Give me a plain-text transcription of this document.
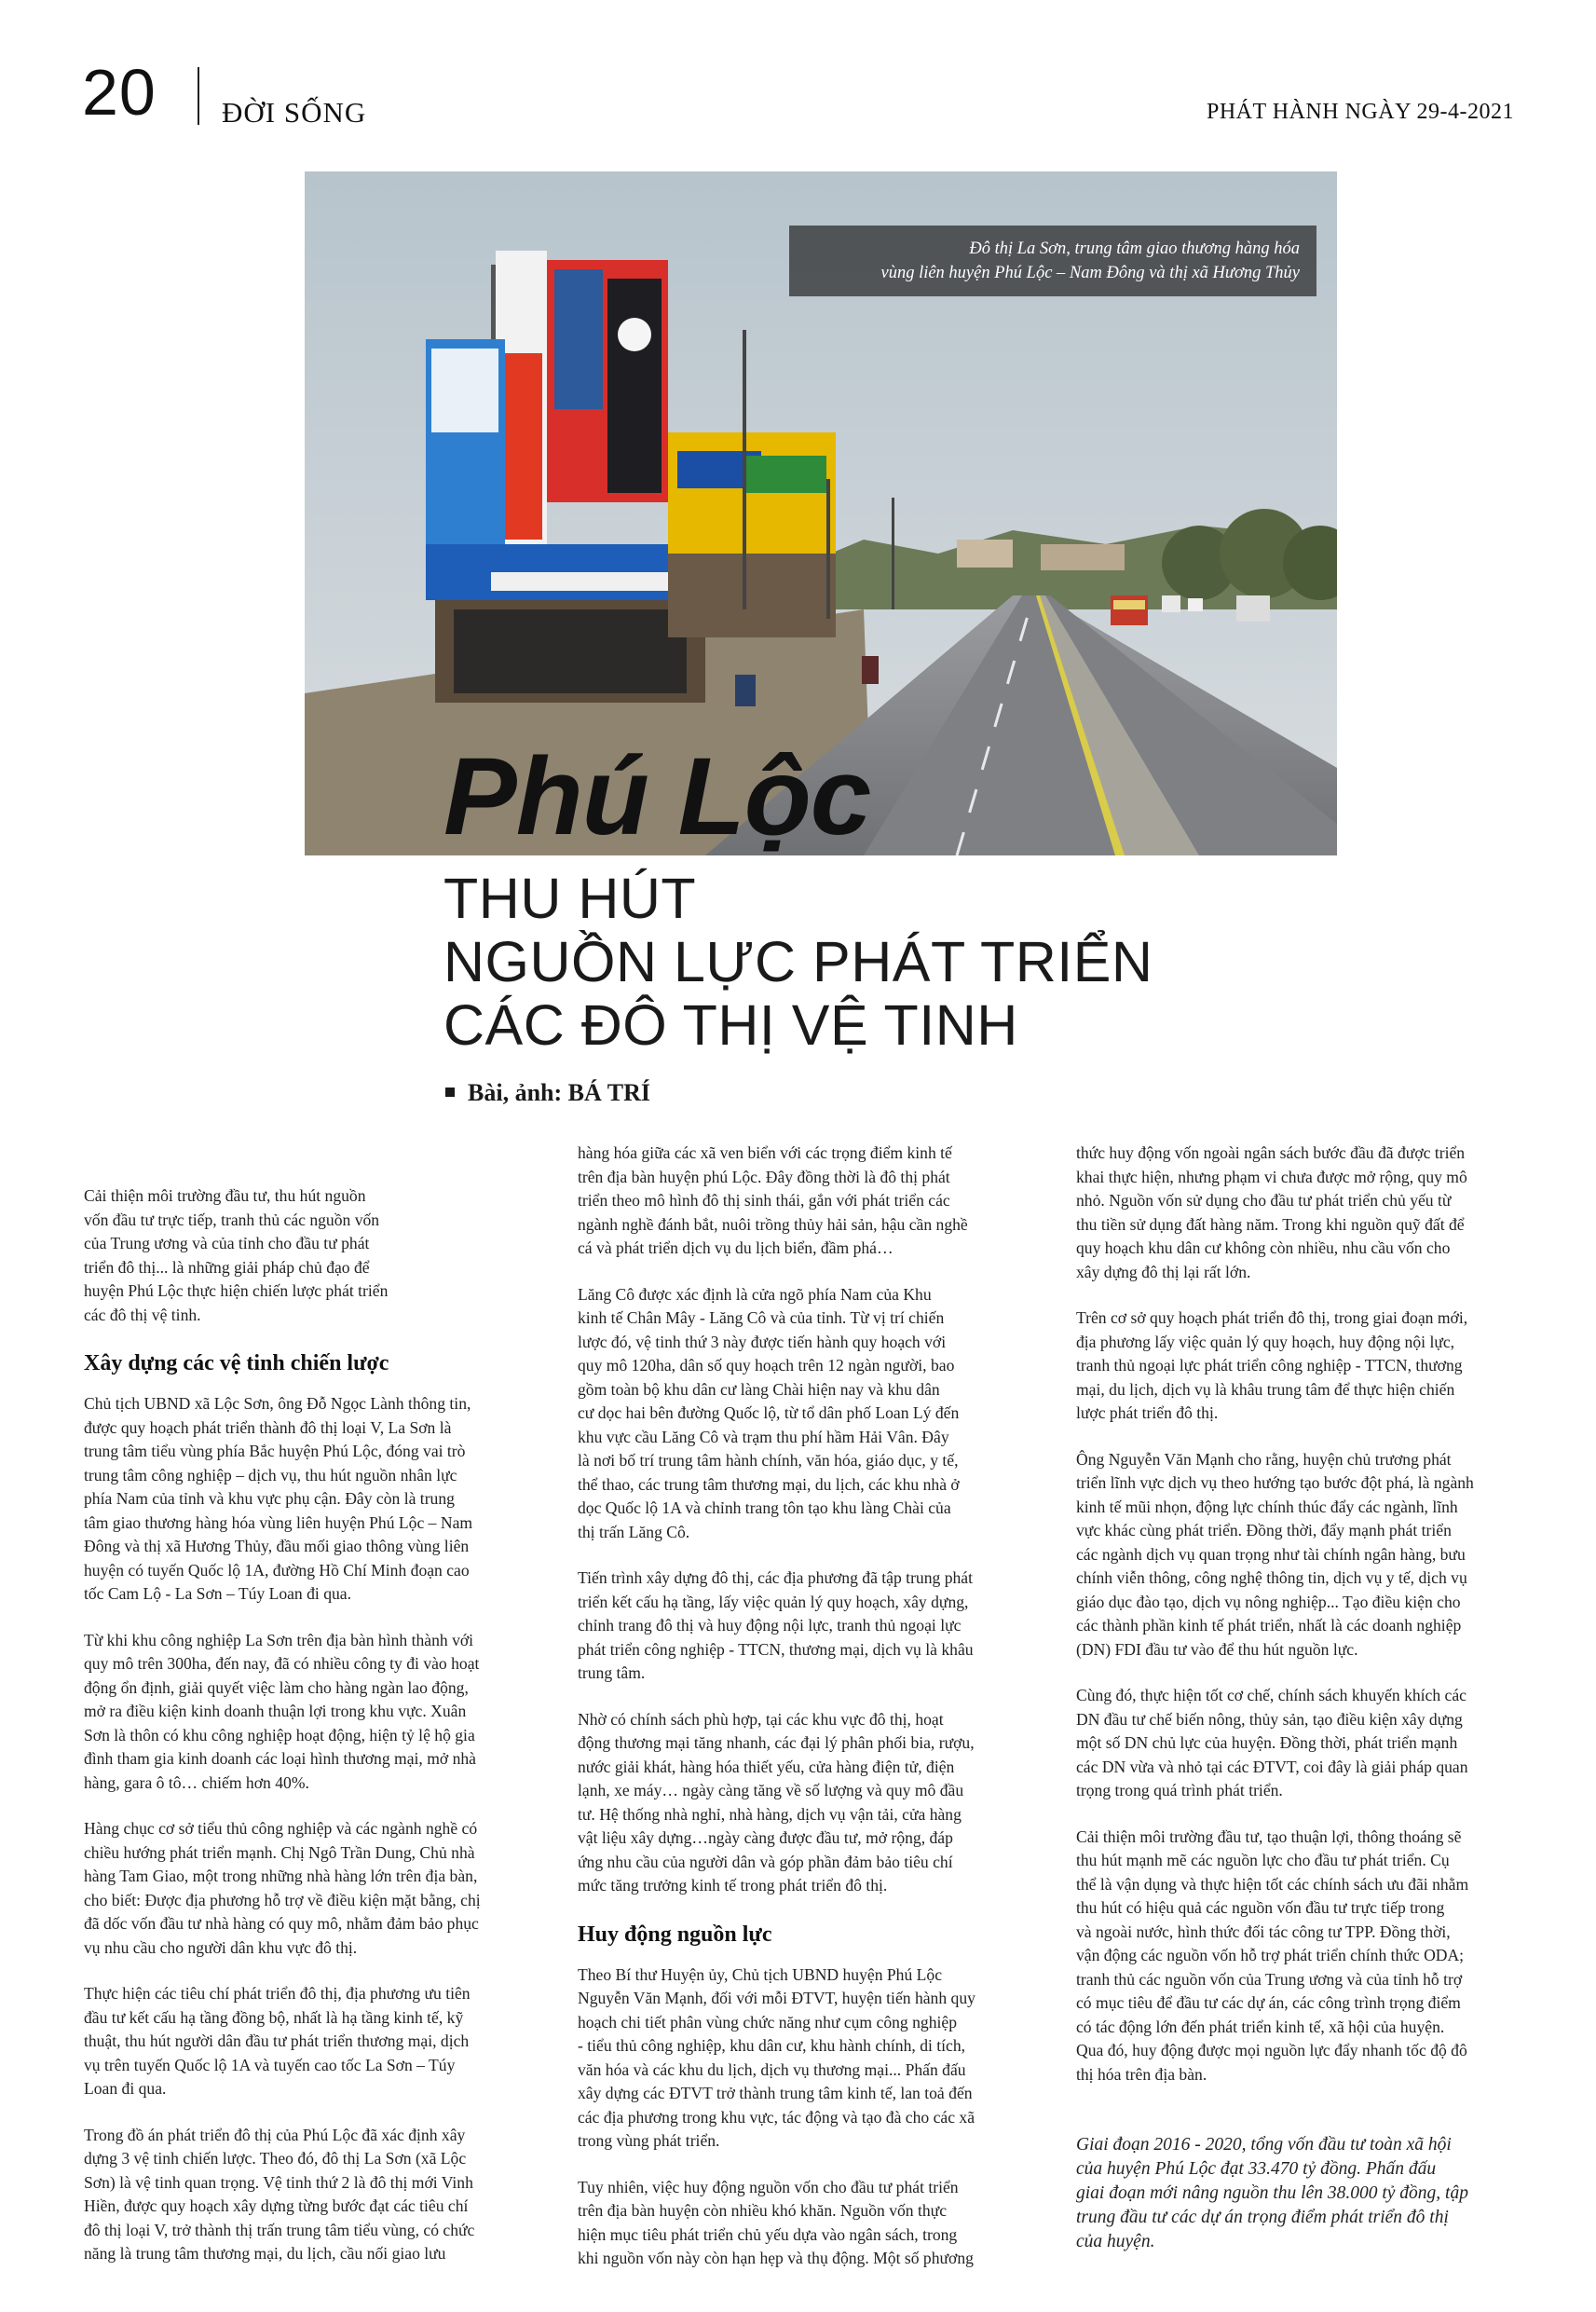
20 ĐỜI SỐNG	PHÁT HÀNH NGÀY 29-4-2021
Đô thị La Sơn, trung tâm giao thương hàng hóa
vùng liên huyện Phú Lộc – Nam Đông và thị xã Hương Thủy
Phú Lộc
THU HÚT
NGUỒN LỰC PHÁT TRIỂN
CÁC ĐÔ THỊ VỆ TINH
Bài, ảnh: BÁ TRÍ

Cải thiện môi trường đầu tư, thu hút nguồn
vốn đầu tư trực tiếp, tranh thủ các nguồn vốn
của Trung ương và của tỉnh cho đầu tư phát
triển đô thị... là những giải pháp chủ đạo để
huyện Phú Lộc thực hiện chiến lược phát triển
các đô thị vệ tinh.

Xây dựng các vệ tinh chiến lược

Chủ tịch UBND xã Lộc Sơn, ông Đỗ Ngọc Lành thông tin,
được quy hoạch phát triển thành đô thị loại V, La Sơn là
trung tâm tiểu vùng phía Bắc huyện Phú Lộc, đóng vai trò
trung tâm công nghiệp – dịch vụ, thu hút nguồn nhân lực
phía Nam của tỉnh và khu vực phụ cận. Đây còn là trung
tâm giao thương hàng hóa vùng liên huyện Phú Lộc – Nam
Đông và thị xã Hương Thủy, đầu mối giao thông vùng liên
huyện có tuyến Quốc lộ 1A, đường Hồ Chí Minh đoạn cao
tốc Cam Lộ - La Sơn – Túy Loan đi qua.

Từ khi khu công nghiệp La Sơn trên địa bàn hình thành với
quy mô trên 300ha, đến nay, đã có nhiều công ty đi vào hoạt
động ổn định, giải quyết việc làm cho hàng ngàn lao động,
mở ra điều kiện kinh doanh thuận lợi trong khu vực. Xuân
Sơn là thôn có khu công nghiệp hoạt động, hiện tỷ lệ hộ gia
đình tham gia kinh doanh các loại hình thương mại, mở nhà
hàng, gara ô tô… chiếm hơn 40%.

Hàng chục cơ sở tiểu thủ công nghiệp và các ngành nghề có
chiều hướng phát triển mạnh. Chị Ngô Trần Dung, Chủ nhà
hàng Tam Giao, một trong những nhà hàng lớn trên địa bàn,
cho biết: Được địa phương hỗ trợ về điều kiện mặt bằng, chị
đã dốc vốn đầu tư nhà hàng có quy mô, nhằm đảm bảo phục
vụ nhu cầu cho người dân khu vực đô thị.

Thực hiện các tiêu chí phát triển đô thị, địa phương ưu tiên
đầu tư kết cấu hạ tầng đồng bộ, nhất là hạ tầng kinh tế, kỹ
thuật, thu hút người dân đầu tư phát triển thương mại, dịch
vụ trên tuyến Quốc lộ 1A và tuyến cao tốc La Sơn – Túy
Loan đi qua.

Trong đồ án phát triển đô thị của Phú Lộc đã xác định xây
dựng 3 vệ tinh chiến lược. Theo đó, đô thị La Sơn (xã Lộc
Sơn) là vệ tinh quan trọng. Vệ tinh thứ 2 là đô thị mới Vinh
Hiền, được quy hoạch xây dựng từng bước đạt các tiêu chí
đô thị loại V, trở thành thị trấn trung tâm tiểu vùng, có chức
năng là trung tâm thương mại, du lịch, cầu nối giao lưu

hàng hóa giữa các xã ven biển với các trọng điểm kinh tế
trên địa bàn huyện phú Lộc. Đây đồng thời là đô thị phát
triển theo mô hình đô thị sinh thái, gắn với phát triển các
ngành nghề đánh bắt, nuôi trồng thủy hải sản, hậu cần nghề
cá và phát triển dịch vụ du lịch biển, đầm phá…

Lăng Cô được xác định là cửa ngõ phía Nam của Khu
kinh tế Chân Mây - Lăng Cô và của tỉnh. Từ vị trí chiến
lược đó, vệ tinh thứ 3 này được tiến hành quy hoạch với
quy mô 120ha, dân số quy hoạch trên 12 ngàn người, bao
gồm toàn bộ khu dân cư làng Chài hiện nay và khu dân
cư dọc hai bên đường Quốc lộ, từ tổ dân phố Loan Lý đến
khu vực cầu Lăng Cô và trạm thu phí hầm Hải Vân. Đây
là nơi bố trí trung tâm hành chính, văn hóa, giáo dục, y tế,
thể thao, các trung tâm thương mại, du lịch, các khu nhà ở
dọc Quốc lộ 1A và chỉnh trang tôn tạo khu làng Chài của
thị trấn Lăng Cô.

Tiến trình xây dựng đô thị, các địa phương đã tập trung phát
triển kết cấu hạ tầng, lấy việc quản lý quy hoạch, xây dựng,
chỉnh trang đô thị và huy động nội lực, tranh thủ ngoại lực
phát triển công nghiệp - TTCN, thương mại, dịch vụ là khâu
trung tâm.

Nhờ có chính sách phù hợp, tại các khu vực đô thị, hoạt
động thương mại tăng nhanh, các đại lý phân phối bia, rượu,
nước giải khát, hàng hóa thiết yếu, cửa hàng điện tử, điện
lạnh, xe máy… ngày càng tăng về số lượng và quy mô đầu
tư. Hệ thống nhà nghỉ, nhà hàng, dịch vụ vận tải, cửa hàng
vật liệu xây dựng…ngày càng được đầu tư, mở rộng, đáp
ứng nhu cầu của người dân và góp phần đảm bảo tiêu chí
mức tăng trưởng kinh tế trong phát triển đô thị.

Huy động nguồn lực

Theo Bí thư Huyện ủy, Chủ tịch UBND huyện Phú Lộc
Nguyễn Văn Mạnh, đối với mỗi ĐTVT, huyện tiến hành quy
hoạch chi tiết phân vùng chức năng như cụm công nghiệp
- tiểu thủ công nghiệp, khu dân cư, khu hành chính, di tích,
văn hóa và các khu du lịch, dịch vụ thương mại... Phấn đấu
xây dựng các ĐTVT trở thành trung tâm kinh tế, lan toả đến
các địa phương trong khu vực, tác động và tạo đà cho các xã
trong vùng phát triển.

Tuy nhiên, việc huy động nguồn vốn cho đầu tư phát triển
trên địa bàn huyện còn nhiều khó khăn. Nguồn vốn thực
hiện mục tiêu phát triển chủ yếu dựa vào ngân sách, trong
khi nguồn vốn này còn hạn hẹp và thụ động. Một số phương

thức huy động vốn ngoài ngân sách bước đầu đã được triển
khai thực hiện, nhưng phạm vi chưa được mở rộng, quy mô
nhỏ. Nguồn vốn sử dụng cho đầu tư phát triển chủ yếu từ
thu tiền sử dụng đất hàng năm. Trong khi nguồn quỹ đất để
quy hoạch khu dân cư không còn nhiều, nhu cầu vốn cho
xây dựng đô thị lại rất lớn.

Trên cơ sở quy hoạch phát triển đô thị, trong giai đoạn mới,
địa phương lấy việc quản lý quy hoạch, huy động nội lực,
tranh thủ ngoại lực phát triển công nghiệp - TTCN, thương
mại, du lịch, dịch vụ là khâu trung tâm để thực hiện chiến
lược phát triển đô thị.

Ông Nguyễn Văn Mạnh cho rằng, huyện chủ trương phát
triển lĩnh vực dịch vụ theo hướng tạo bước đột phá, là ngành
kinh tế mũi nhọn, động lực chính thúc đẩy các ngành, lĩnh
vực khác cùng phát triển. Đồng thời, đẩy mạnh phát triển
các ngành dịch vụ quan trọng như tài chính ngân hàng, bưu
chính viễn thông, công nghệ thông tin, dịch vụ y tế, dịch vụ
giáo dục đào tạo, dịch vụ nông nghiệp... Tạo điều kiện cho
các thành phần kinh tế phát triển, nhất là các doanh nghiệp
(DN) FDI đầu tư vào để thu hút nguồn lực.

Cùng đó, thực hiện tốt cơ chế, chính sách khuyến khích các
DN đầu tư chế biến nông, thủy sản, tạo điều kiện xây dựng
một số DN chủ lực của huyện. Đồng thời, phát triển mạnh
các DN vừa và nhỏ tại các ĐTVT, coi đây là giải pháp quan
trọng trong quá trình phát triển.

Cải thiện môi trường đầu tư, tạo thuận lợi, thông thoáng sẽ
thu hút mạnh mẽ các nguồn lực cho đầu tư phát triển. Cụ
thể là vận dụng và thực hiện tốt các chính sách ưu đãi nhằm
thu hút có hiệu quả các nguồn vốn đầu tư trực tiếp trong
và ngoài nước, hình thức đối tác công tư TPP. Đồng thời,
vận động các nguồn vốn hỗ trợ phát triển chính thức ODA;
tranh thủ các nguồn vốn của Trung ương và của tỉnh hỗ trợ
có mục tiêu để đầu tư các dự án, các công trình trọng điểm
có tác động lớn đến phát triển kinh tế, xã hội của huyện.
Qua đó, huy động được mọi nguồn lực đẩy nhanh tốc độ đô
thị hóa trên địa bàn.

Giai đoạn 2016 - 2020, tổng vốn đầu tư toàn xã hội
của huyện Phú Lộc đạt 33.470 tỷ đồng. Phấn đấu
giai đoạn mới nâng nguồn thu lên 38.000 tỷ đồng, tập
trung đầu tư các dự án trọng điểm phát triển đô thị
của huyện.
